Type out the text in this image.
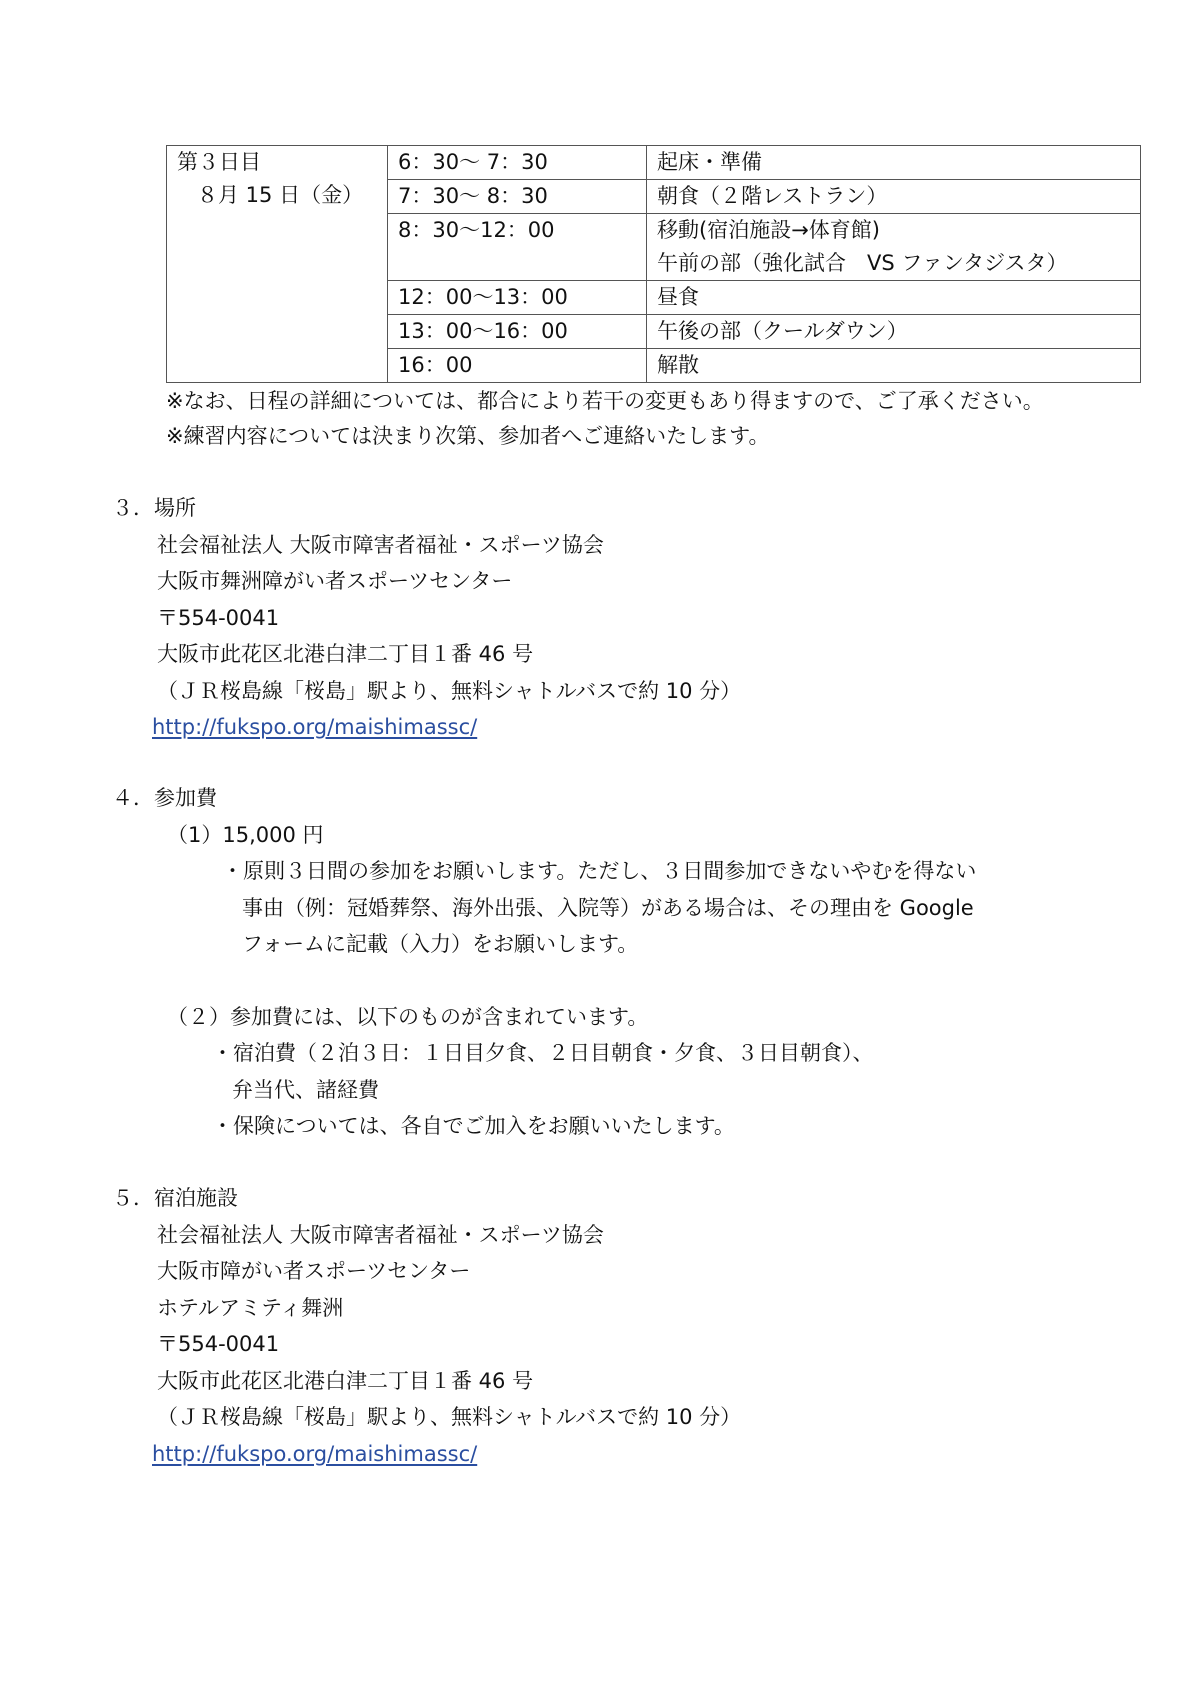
第３日目
８月 15 日（金）	6：30～ 7：30	起床・準備
	7：30～ 8：30	朝食（２階レストラン）
	8：30～12：00	移動(宿泊施設→体育館)
午前の部（強化試合　VS ファンタジスタ）

	12：00～13：00	昼食
	13：00～16：00	午後の部（クールダウン）
	16：00	解散
※なお、日程の詳細については、都合により若干の変更もあり得ますので、ご了承ください。
※練習内容については決まり次第、参加者へご連絡いたします。
３．場所
社会福祉法人 大阪市障害者福祉・スポーツ協会
大阪市舞洲障がい者スポーツセンター
〒554-0041
大阪市此花区北港白津二丁目１番 46 号
（ＪＲ桜島線「桜島」駅より、無料シャトルバスで約 10 分）
http://fukspo.org/maishimassc/
４．参加費
（1）15,000 円
・原則３日間の参加をお願いします。ただし、３日間参加できないやむを得ない
事由（例：冠婚葬祭、海外出張、入院等）がある場合は、その理由を Google
フォームに記載（入力）をお願いします。
（２）参加費には、以下のものが含まれています。
・宿泊費（２泊３日：１日目夕食、２日目朝食・夕食、３日目朝食）、
弁当代、諸経費
・保険については、各自でご加入をお願いいたします。
５．宿泊施設
社会福祉法人 大阪市障害者福祉・スポーツ協会
大阪市障がい者スポーツセンター
ホテルアミティ舞洲
〒554-0041
大阪市此花区北港白津二丁目１番 46 号
（ＪＲ桜島線「桜島」駅より、無料シャトルバスで約 10 分）
http://fukspo.org/maishimassc/
